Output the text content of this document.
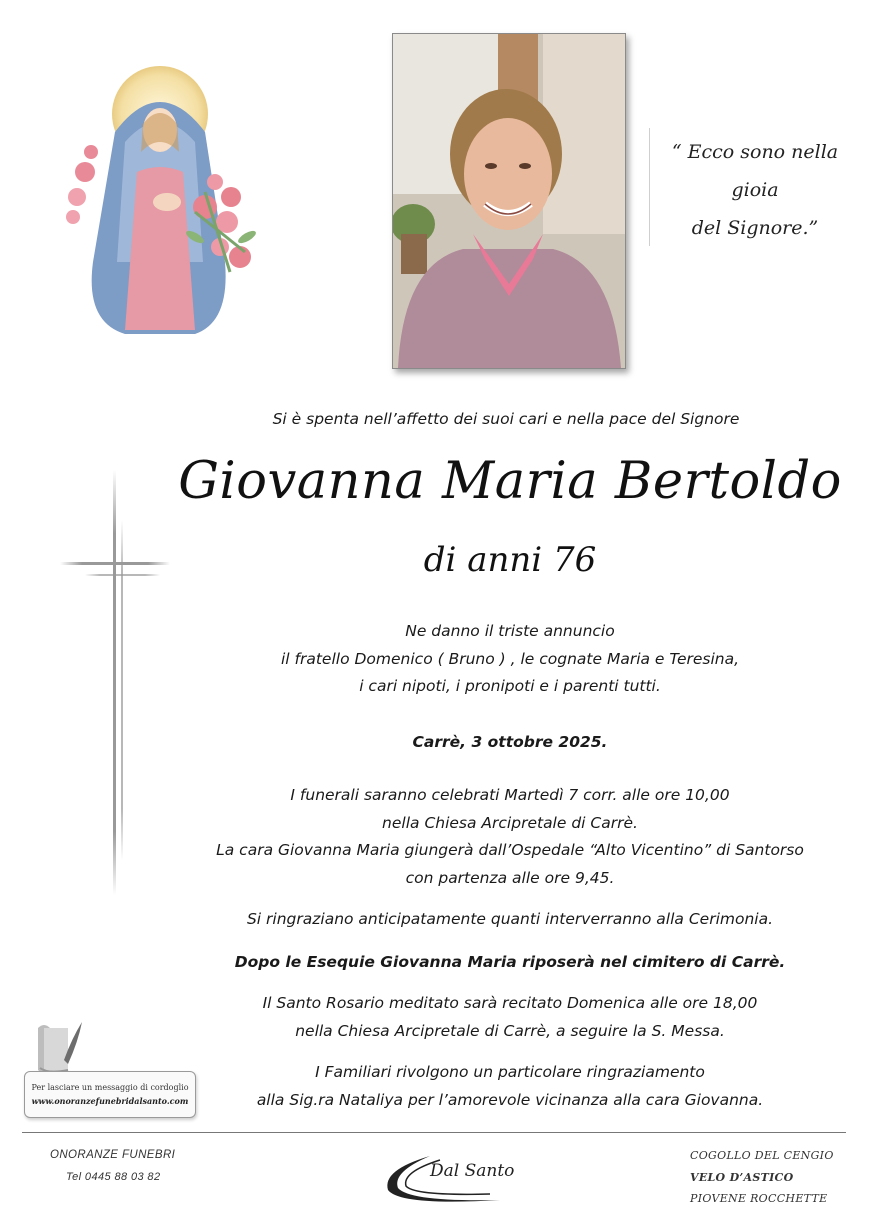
“ Ecco sono nella gioia
del Signore.”
Si è spenta nell’affetto dei suoi cari e nella pace del Signore
Giovanna Maria Bertoldo
di anni 76
Ne danno il triste annuncio
il fratello Domenico ( Bruno ) , le cognate Maria e Teresina,
i cari nipoti, i pronipoti e i parenti tutti.
Carrè, 3 ottobre 2025.
I funerali saranno celebrati Martedì 7 corr. alle ore 10,00
nella Chiesa Arcipretale di Carrè.
La cara Giovanna Maria giungerà dall’Ospedale “Alto Vicentino” di Santorso
con partenza alle ore 9,45.
Si ringraziano anticipatamente quanti interverranno alla Cerimonia.
Dopo le Esequie Giovanna Maria riposerà nel cimitero di Carrè.
Il Santo Rosario meditato sarà recitato Domenica alle ore 18,00
nella Chiesa Arcipretale di Carrè, a seguire la S. Messa.
I Familiari rivolgono un particolare ringraziamento
alla Sig.ra Nataliya per l’amorevole vicinanza alla cara Giovanna.
Per lasciare un messaggio di cordoglio
www.onoranzefunebridalsanto.com
ONORANZE FUNEBRI
Tel 0445 88 03 82	Dal Santo
COGOLLO DEL CENGIO
VELO D’ASTICO
PIOVENE ROCCHETTE
